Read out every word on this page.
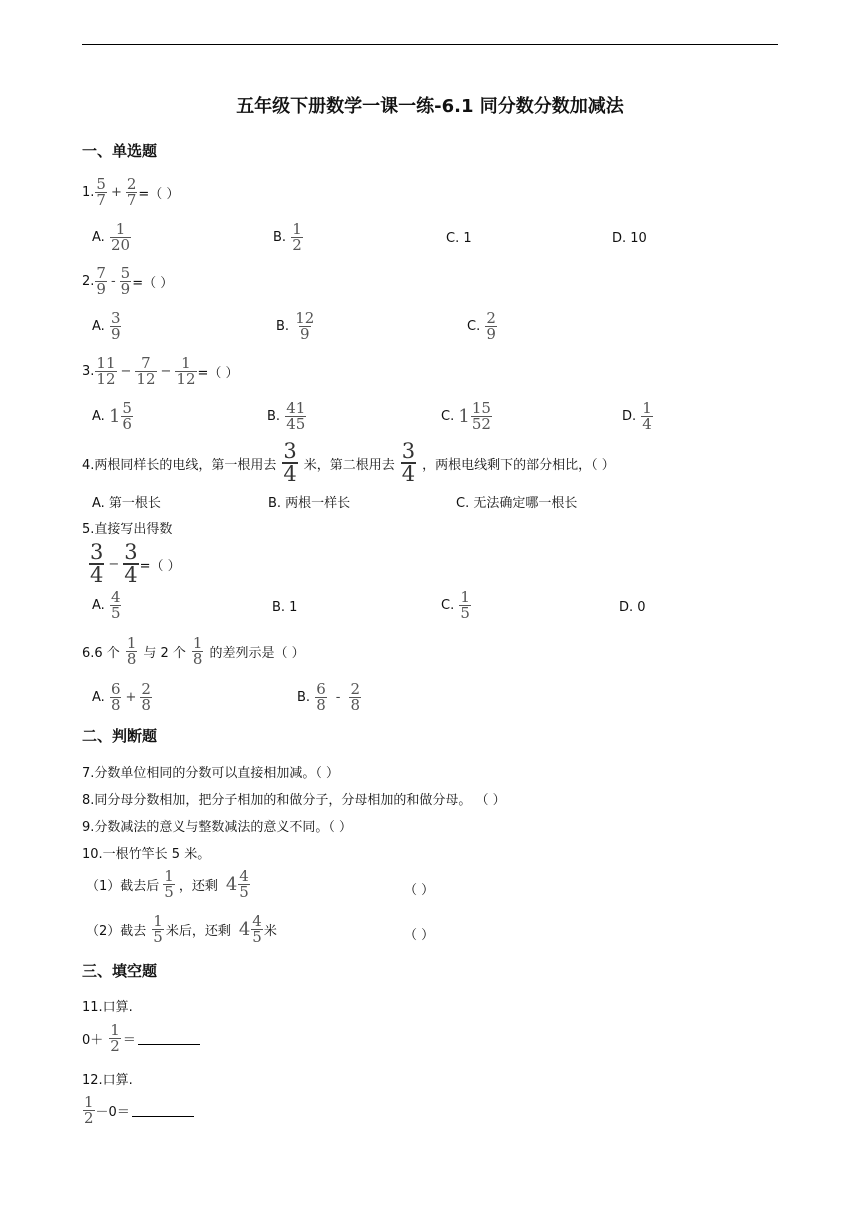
五年级下册数学一课一练-6.1 同分数分数加减法
一、单选题
1. $\frac{5}{7} + \frac{2}{7}$ =（ ）
A.
$\frac{1}{20}$	B.
$\frac{1}{2}$	C. 1	D. 10
2. $\frac{7}{9} - \frac{5}{9}$ =（ ）
A.
$\frac{3}{9}$	B.
$\frac{12}{9}$	C.
$\frac{2}{9}$
3. $\frac{11}{12} - \frac{7}{12} - \frac{1}{12}$ =（ ）
A.
$1 \frac{5}{6}$	B.
$\frac{41}{45}$	C.
$1 \frac{15}{52}$	D.
$\frac{1}{4}$
4.两根同样长的电线，第一根用去 $\frac{3}{4}$ 米，第二根用去 $\frac{3}{4}$ ，两根电线剩下的部分相比，（ ）
A. 第一根长	B. 两根一样长	C. 无法确定哪一根长
5.直接写出得数
$\frac{3}{4} - \frac{3}{4}$ =（ ）
A.
$\frac{4}{5}$	B. 1	C.
$\frac{1}{5}$	D. 0
6.6 个 $\frac{1}{8}$ 与 2 个 $\frac{1}{8}$ 的差列示是（ ）
A.
$\frac{6}{8} + \frac{2}{8}$	B.
$\frac{6}{8} - \frac{2}{8}$
二、判断题
7.分数单位相同的分数可以直接相加减。（ ）
8.同分母分数相加，把分子相加的和做分子，分母相加的和做分母。 （ ）
9.分数减法的意义与整数减法的意义不同。（ ）
10.一根竹竿长 5 米。
（1）截去后 $\frac{1}{5}$ ，还剩 $4 \frac{4}{5}$	（ ）
（2）截去 $\frac{1}{5}$ 米后，还剩 $4 \frac{4}{5}$ 米	（ ）
三、填空题
11.口算.
$0+ \frac{1}{2}$ ＝
12.口算.
$\frac{1}{2} -0=$
